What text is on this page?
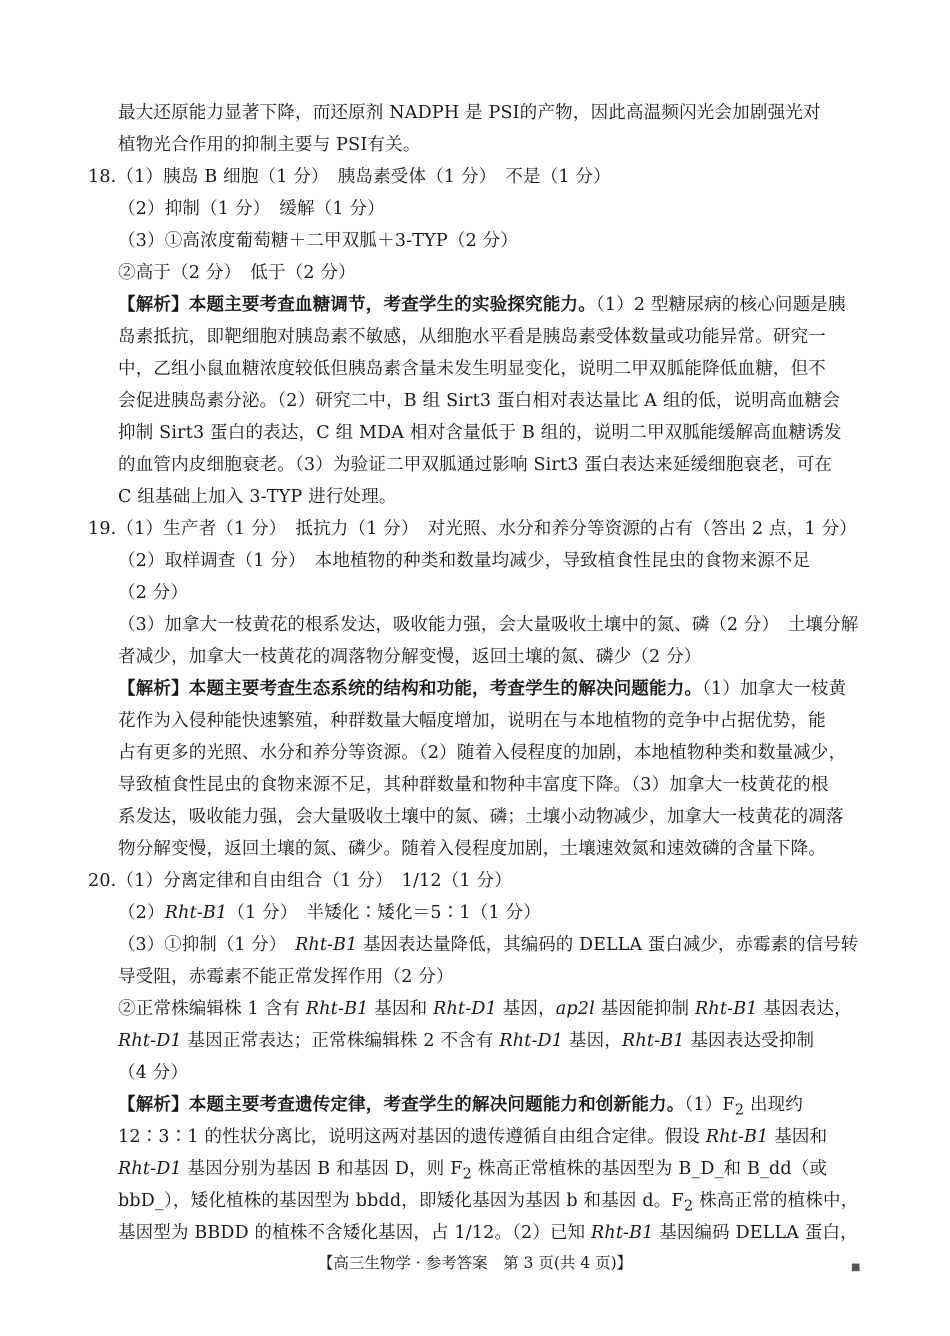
最大还原能力显著下降，而还原剂 NADPH 是 PSⅠ的产物，因此高温频闪光会加剧强光对
植物光合作用的抑制主要与 PSⅠ有关。
18.（1）胰岛 B 细胞（1 分）　胰岛素受体（1 分）　不是（1 分）
（2）抑制（1 分）　缓解（1 分）
（3）①高浓度葡萄糖＋二甲双胍＋3-TYP（2 分）
②高于（2 分）　低于（2 分）
【解析】本题主要考查血糖调节，考查学生的实验探究能力。（1）2 型糖尿病的核心问题是胰
岛素抵抗，即靶细胞对胰岛素不敏感，从细胞水平看是胰岛素受体数量或功能异常。研究一
中，乙组小鼠血糖浓度较低但胰岛素含量未发生明显变化，说明二甲双胍能降低血糖，但不
会促进胰岛素分泌。（2）研究二中，B 组 Sirt3 蛋白相对表达量比 A 组的低，说明高血糖会
抑制 Sirt3 蛋白的表达，C 组 MDA 相对含量低于 B 组的，说明二甲双胍能缓解高血糖诱发
的血管内皮细胞衰老。（3）为验证二甲双胍通过影响 Sirt3 蛋白表达来延缓细胞衰老，可在
C 组基础上加入 3-TYP 进行处理。
19.（1）生产者（1 分）　抵抗力（1 分）　对光照、水分和养分等资源的占有（答出 2 点，1 分）
（2）取样调查（1 分）　本地植物的种类和数量均减少，导致植食性昆虫的食物来源不足
（2 分）
（3）加拿大一枝黄花的根系发达，吸收能力强，会大量吸收土壤中的氮、磷（2 分）　土壤分解
者减少，加拿大一枝黄花的凋落物分解变慢，返回土壤的氮、磷少（2 分）
【解析】本题主要考查生态系统的结构和功能，考查学生的解决问题能力。（1）加拿大一枝黄
花作为入侵种能快速繁殖，种群数量大幅度增加，说明在与本地植物的竞争中占据优势，能
占有更多的光照、水分和养分等资源。（2）随着入侵程度的加剧，本地植物种类和数量减少，
导致植食性昆虫的食物来源不足，其种群数量和物种丰富度下降。（3）加拿大一枝黄花的根
系发达，吸收能力强，会大量吸收土壤中的氮、磷；土壤小动物减少，加拿大一枝黄花的凋落
物分解变慢，返回土壤的氮、磷少。随着入侵程度加剧，土壤速效氮和速效磷的含量下降。
20.（1）分离定律和自由组合（1 分）　1/12（1 分）
（2）Rht-B1（1 分）　半矮化∶矮化＝5∶1（1 分）
（3）①抑制（1 分）　Rht-B1 基因表达量降低，其编码的 DELLA 蛋白减少，赤霉素的信号转
导受阻，赤霉素不能正常发挥作用（2 分）
②正常株编辑株 1 含有 Rht-B1 基因和 Rht-D1 基因，ap2l 基因能抑制 Rht-B1 基因表达，
Rht-D1 基因正常表达；正常株编辑株 2 不含有 Rht-D1 基因，Rht-B1 基因表达受抑制
（4 分）
【解析】本题主要考查遗传定律，考查学生的解决问题能力和创新能力。$(1)F_2$ 出现约
12∶3∶1 的性状分离比，说明这两对基因的遗传遵循自由组合定律。假设 Rht-B1 基因和
Rht-D1 基因分别为基因 B 和基因 D，则 $F_2$ 株高正常植株的基因型为 B_D_和 B_dd（或
bbD_），矮化植株的基因型为 bbdd，即矮化基因为基因 b 和基因 d。$F_2$ 株高正常的植株中，
基因型为 BBDD 的植株不含矮化基因，占 1/12。（2）已知 Rht-B1 基因编码 DELLA 蛋白，
【高三生物学 · 参考答案　第 3 页(共 4 页)】	■
